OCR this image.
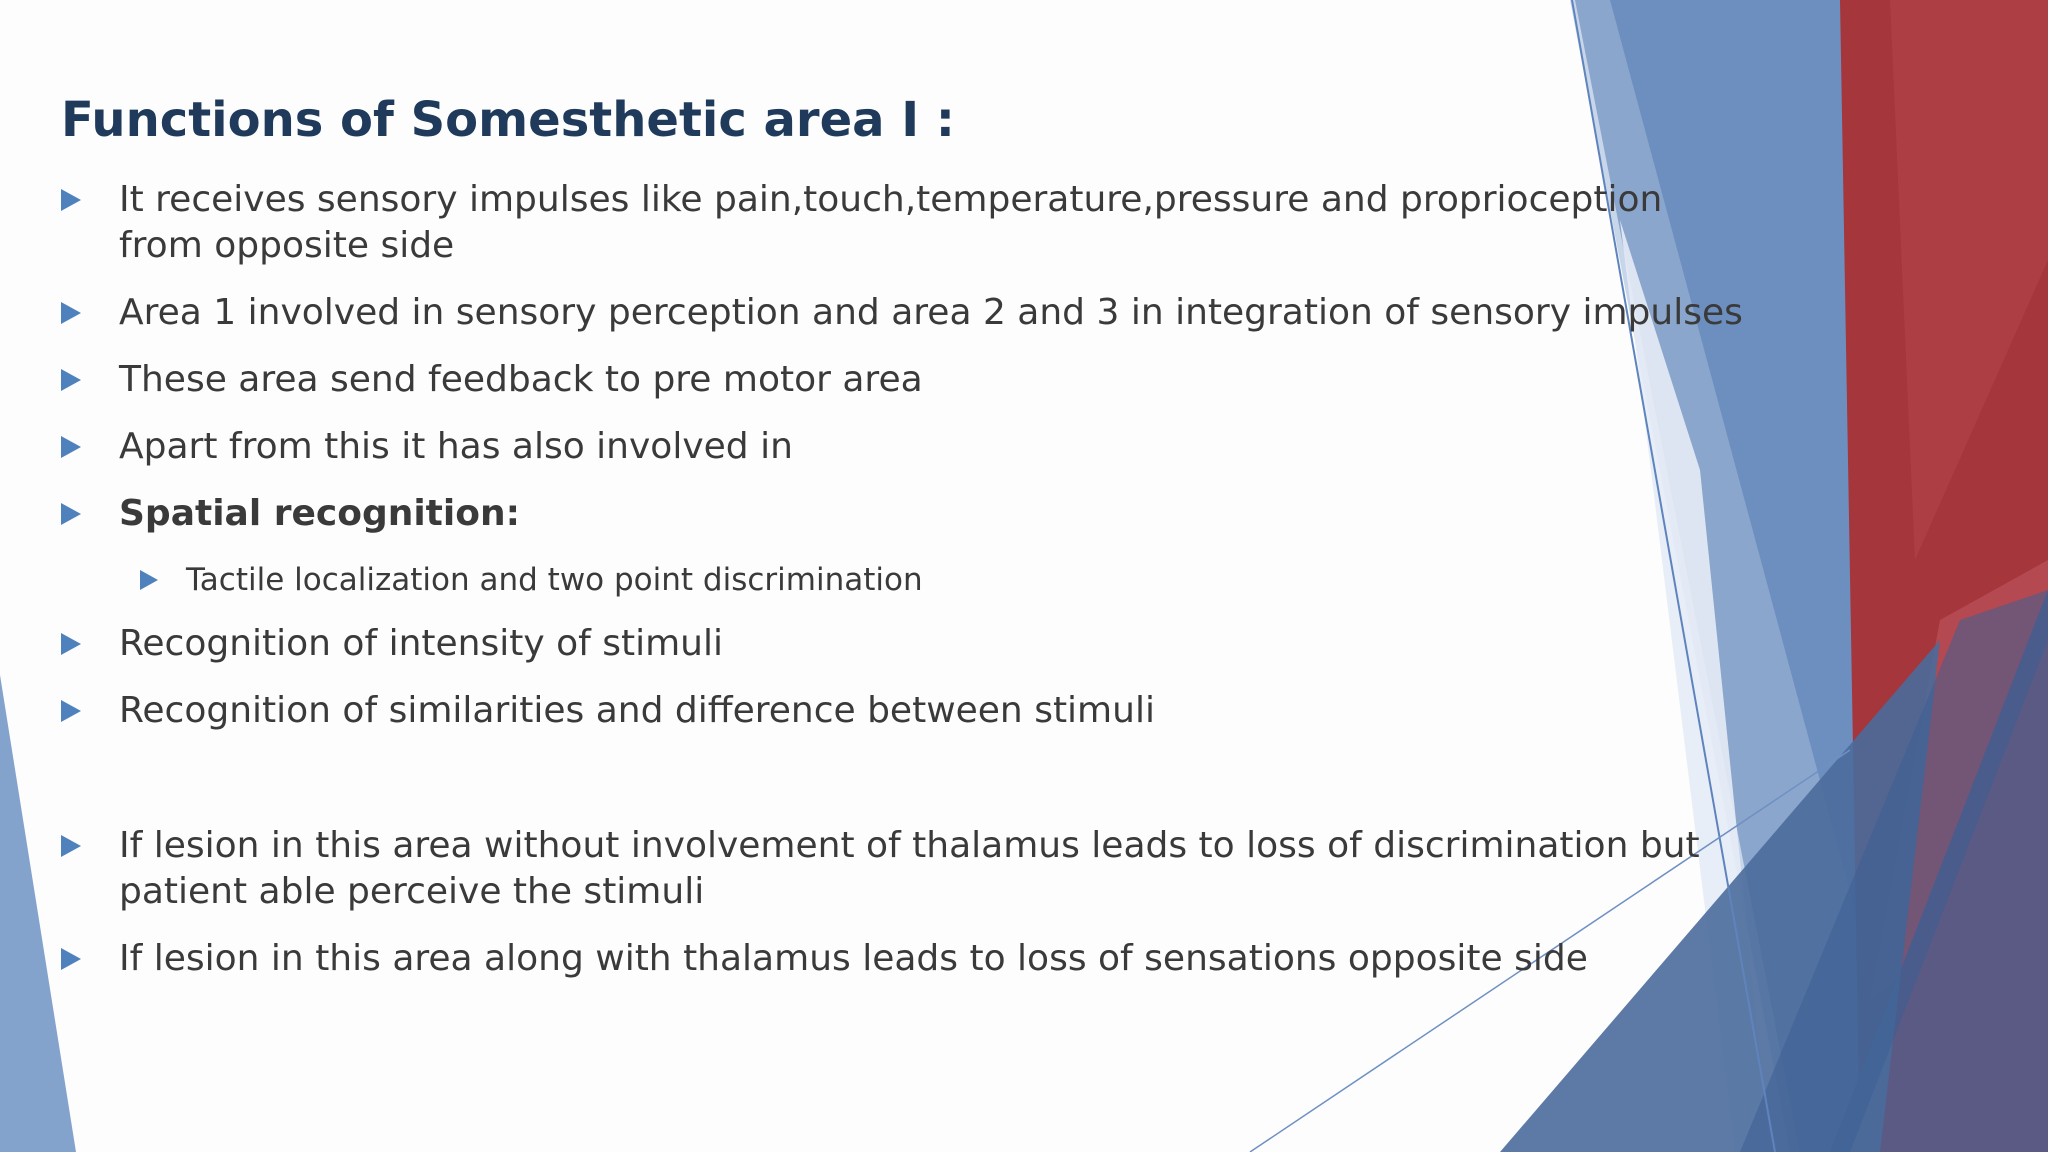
Functions of Somesthetic area I :
It receives sensory impulses like pain,touch,temperature,pressure and proprioception from opposite side
Area 1 involved in sensory perception and area 2 and 3 in integration of sensory impulses
These area send feedback to pre motor area
Apart from this it has also involved in
Spatial recognition:
Tactile localization and two point discrimination
Recognition of intensity of stimuli
Recognition of similarities and difference between stimuli
If lesion in this area without involvement of thalamus leads to loss of discrimination but patient able perceive the stimuli
If lesion in this area along with thalamus leads to loss of sensations opposite side
